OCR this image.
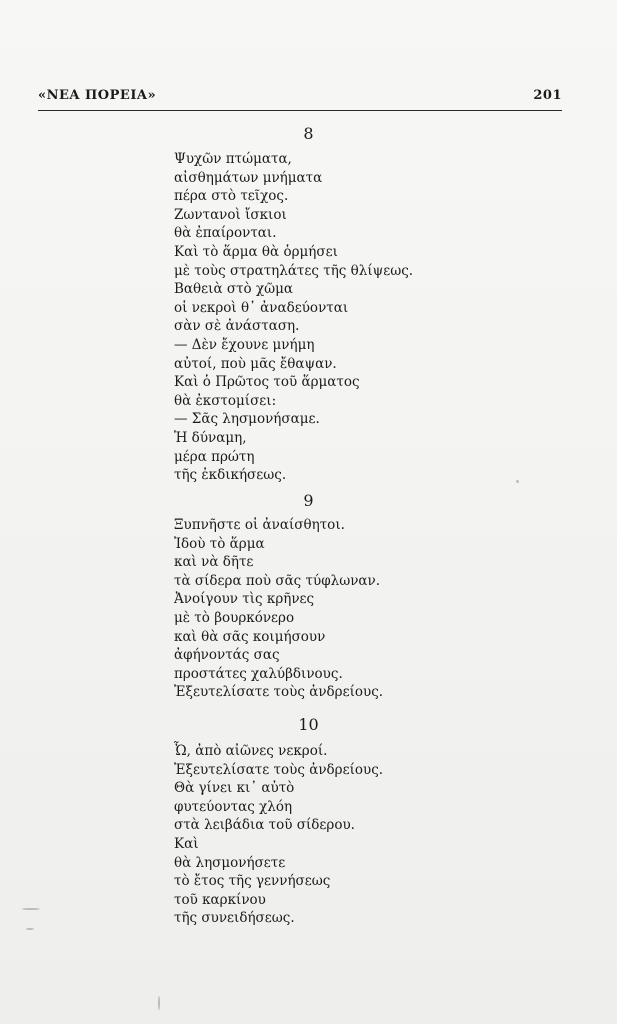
«ΝΕΑ ΠΟΡΕΙΑ»	201
8
Ψυχῶν πτώματα,
αἰσθημάτων μνήματα
πέρα στὸ τεῖχος.
Ζωντανοὶ ἴσκιοι
θὰ ἐπαίρονται.
Καὶ τὸ ἅρμα θὰ ὁρμήσει
μὲ τοὺς στρατηλάτες τῆς θλίψεως.
Βαθειὰ στὸ χῶμα
οἱ νεκροὶ θ᾽ ἀναδεύονται
σὰν σὲ ἀνάσταση.
— Δὲν ἔχουνε μνήμη
αὐτοί, ποὺ μᾶς ἔθαψαν.
Καὶ ὁ Πρῶτος τοῦ ἅρματος
θὰ ἐκστομίσει:
— Σᾶς λησμονήσαμε.
Ἡ δύναμη,
μέρα πρώτη
τῆς ἐκδικήσεως.
9
Ξυπνῆστε οἱ ἀναίσθητοι.
Ἰδοὺ τὸ ἅρμα
καὶ νὰ δῆτε
τὰ σίδερα ποὺ σᾶς τύφλωναν.
Ἀνοίγουν τὶς κρῆνες
μὲ τὸ βουρκόνερο
καὶ θὰ σᾶς κοιμήσουν
ἀφήνοντάς σας
προστάτες χαλύβδινους.
Ἐξευτελίσατε τοὺς ἀνδρείους.
10
Ὦ, ἀπὸ αἰῶνες νεκροί.
Ἐξευτελίσατε τοὺς ἀνδρείους.
Θὰ γίνει κι᾽ αὐτὸ
φυτεύοντας χλόη
στὰ λειβάδια τοῦ σίδερου.
Καὶ
θὰ λησμονήσετε
τὸ ἔτος τῆς γεννήσεως
τοῦ καρκίνου
τῆς συνειδήσεως.
